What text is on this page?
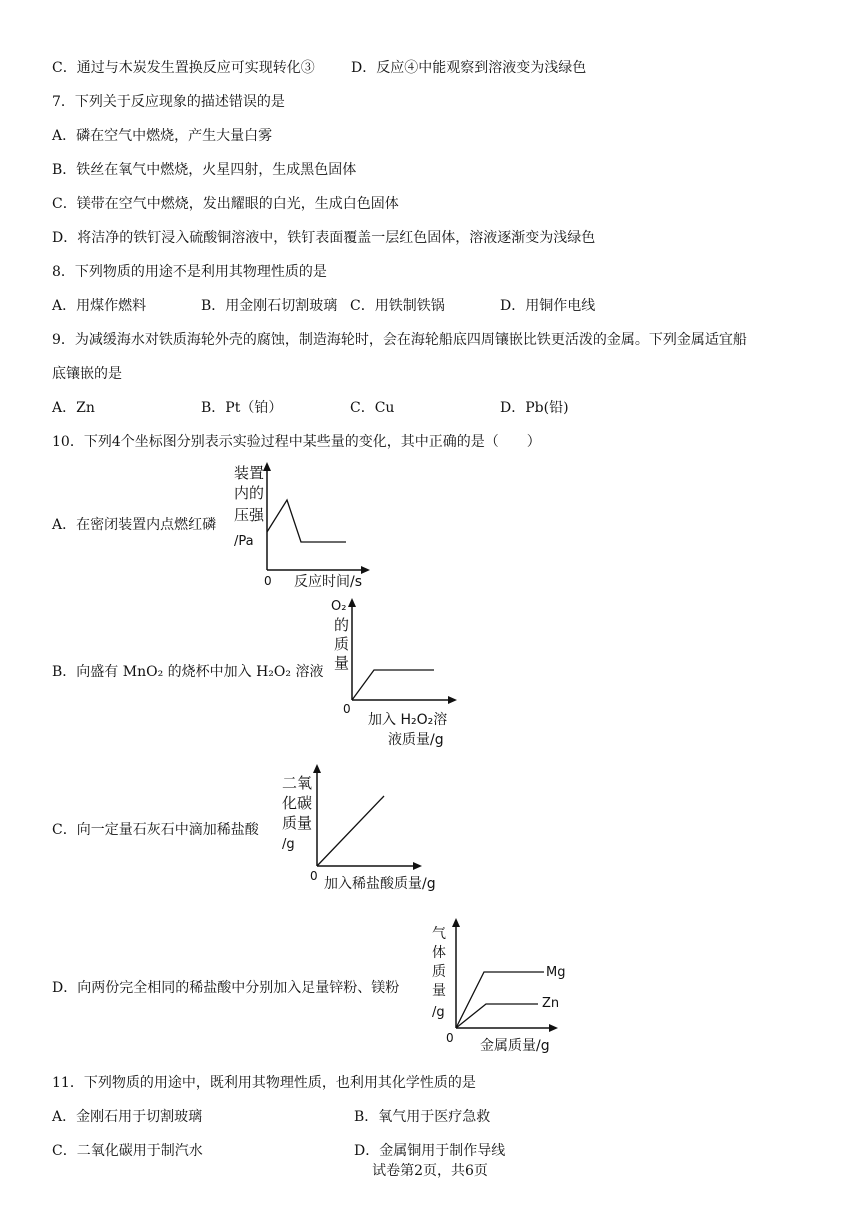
C．通过与木炭发生置换反应可实现转化③	D．反应④中能观察到溶液变为浅绿色
7．下列关于反应现象的描述错误的是
A．磷在空气中燃烧，产生大量白雾
B．铁丝在氧气中燃烧，火星四射，生成黑色固体
C．镁带在空气中燃烧，发出耀眼的白光，生成白色固体
D．将洁净的铁钉浸入硫酸铜溶液中，铁钉表面覆盖一层红色固体，溶液逐渐变为浅绿色
8．下列物质的用途不是利用其物理性质的是
A．用煤作燃料	B．用金刚石切割玻璃 C．用铁制铁锅	D．用铜作电线
9．为减缓海水对铁质海轮外壳的腐蚀，制造海轮时，会在海轮船底四周镶嵌比铁更活泼的金属。下列金属适宜船
底镶嵌的是
A．Zn	B．Pt（铂）	C．Cu	D．Pb(铅)
10．下列4个坐标图分别表示实验过程中某些量的变化，其中正确的是（　　）
A．在密闭装置内点燃红磷
装置
内的
压强
/Pa
0 反应时间/s
B．向盛有 MnO₂ 的烧杯中加入 H₂O₂ 溶液
O₂
的
质
量
0
加入 H₂O₂溶
液质量/g
C．向一定量石灰石中滴加稀盐酸
二氧
化碳
质量
/g
0 加入稀盐酸质量/g
D．向两份完全相同的稀盐酸中分别加入足量锌粉、镁粉
Mg
Zn
气
体
质
量
/g
0 金属质量/g
11．下列物质的用途中，既利用其物理性质，也利用其化学性质的是
A．金刚石用于切割玻璃	B．氧气用于医疗急救
C．二氧化碳用于制汽水	D．金属铜用于制作导线
试卷第2页，共6页
